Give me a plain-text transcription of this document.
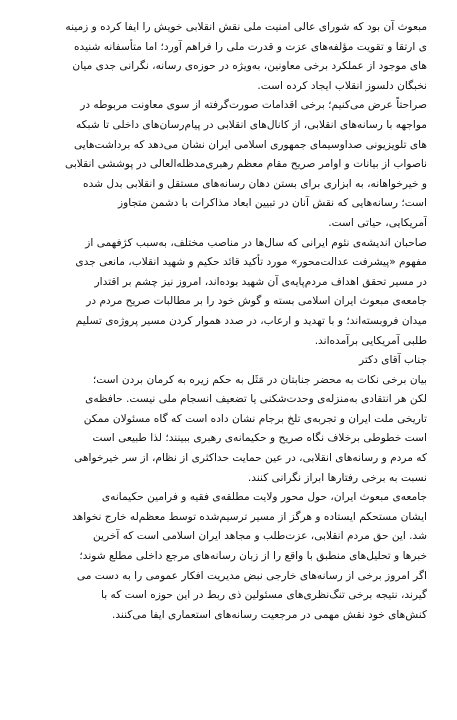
مبعوث آن بود که شورای عالی امنیت ملی نقش انقلابی خویش را ایفا کرده و زمینه
ی ارتقا و تقویت مؤلفه‌های عزت و قدرت ملی را فراهم آورد؛ اما متأسفانه شنیده
های موجود از عملکرد برخی معاونین، به‌ویژه در حوزه‌ی رسانه، نگرانی جدی میان
نخبگان دلسوز انقلاب ایجاد کرده است.

صراحتاً عرض می‌کنیم؛ برخی اقدامات صورت‌گرفته از سوی معاونت مربوطه در
مواجهه با رسانه‌های انقلابی، از کانال‌های انقلابی در پیام‌رسان‌های داخلی تا شبکه
های تلویزیونی صداوسیمای جمهوری اسلامی ایران نشان می‌دهد که برداشت‌هایی
ناصواب از بیانات و اوامر صریح مقام معظم رهبری‌مدظله‌العالی در پوششی انقلابی
و خیرخواهانه، به ابزاری برای بستن دهان رسانه‌های مستقل و انقلابی بدل شده
است؛ رسانه‌هایی که نقش آنان در تبیین ابعاد مذاکرات با دشمن متجاوز
آمریکایی، حیاتی است.

صاحبان اندیشه‌ی نئوم ایرانی که سال‌ها در مناصب مختلف، به‌سبب کژفهمی از
مفهوم «پیشرفت عدالت‌محور» مورد تأکید قائد حکیم و شهید انقلاب، مانعی جدی
در مسیر تحقق اهداف مردم‌پایه‌ی آن شهید بوده‌اند، امروز نیز چشم بر اقتدار
جامعه‌ی مبعوث ایران اسلامی بسته و گوش خود را بر مطالبات صریح مردم در
میدان فروبسته‌اند؛ و با تهدید و ارعاب، در صدد هموار کردن مسیر پروژه‌ی تسلیم
طلبی آمریکایی برآمده‌اند.

جناب آقای دکتر

بیان برخی نکات به محضر جنابتان در مَثَل به حکم زیره به کرمان بردن است؛
لکن هر انتقادی به‌منزله‌ی وحدت‌شکنی یا تضعیف انسجام ملی نیست. حافظه‌ی
تاریخی ملت ایران و تجربه‌ی تلخ برجام نشان داده است که گاه مسئولان ممکن
است خطوطی برخلاف نگاه صریح و حکیمانه‌ی رهبری ببینند؛ لذا طبیعی است
که مردم و رسانه‌های انقلابی، در عین حمایت حداکثری از نظام، از سر خیرخواهی
نسبت به برخی رفتارها ابراز نگرانی کنند.

جامعه‌ی مبعوث ایران، حول محور ولایت مطلقه‌ی فقیه و فرامین حکیمانه‌ی
ایشان مستحکم ایستاده و هرگز از مسیر ترسیم‌شده توسط معظم‌له خارج نخواهد
شد. این حق مردم انقلابی، عزت‌طلب و مجاهد ایران اسلامی است که آخرین
خبرها و تحلیل‌های منطبق با واقع را از زبان رسانه‌های مرجع داخلی مطلع شوند؛
اگر امروز برخی از رسانه‌های خارجی نبض مدیریت افکار عمومی را به دست می
گیرند، نتیجه برخی تنگ‌نظری‌های مسئولین ذی ربط در این حوزه است که با
کنش‌های خود نقش مهمی در مرجعیت رسانه‌های استعماری ایفا می‌کنند.
